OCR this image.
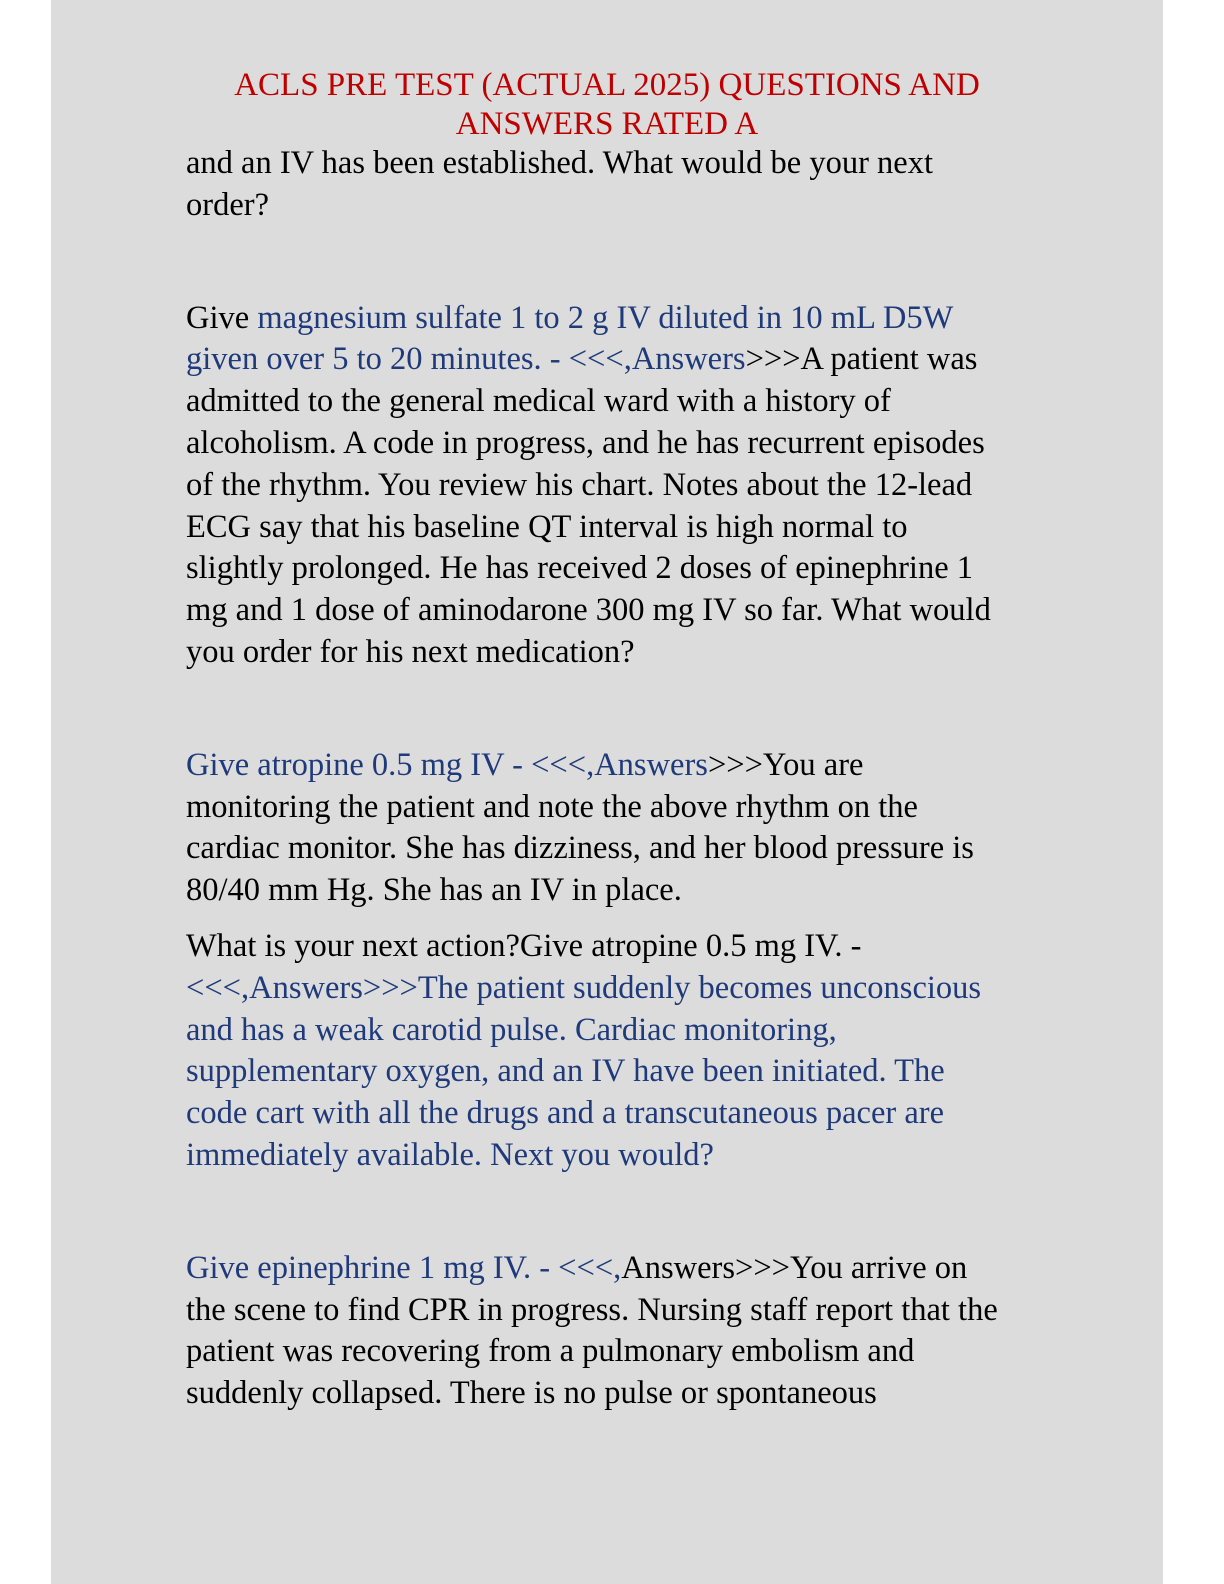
ACLS PRE TEST (ACTUAL 2025) QUESTIONS AND
ANSWERS RATED A
and an IV has been established. What would be your next
order?
Give magnesium sulfate 1 to 2 g IV diluted in 10 mL D5W
given over 5 to 20 minutes. - <<<,Answers>>>A patient was
admitted to the general medical ward with a history of
alcoholism. A code in progress, and he has recurrent episodes
of the rhythm. You review his chart. Notes about the 12-lead
ECG say that his baseline QT interval is high normal to
slightly prolonged. He has received 2 doses of epinephrine 1
mg and 1 dose of aminodarone 300 mg IV so far. What would
you order for his next medication?
Give atropine 0.5 mg IV - <<<,Answers>>>You are
monitoring the patient and note the above rhythm on the
cardiac monitor. She has dizziness, and her blood pressure is
80/40 mm Hg. She has an IV in place.
What is your next action?Give atropine 0.5 mg IV. -
<<<,Answers>>>The patient suddenly becomes unconscious
and has a weak carotid pulse. Cardiac monitoring,
supplementary oxygen, and an IV have been initiated. The
code cart with all the drugs and a transcutaneous pacer are
immediately available. Next you would?
Give epinephrine 1 mg IV. - <<<,Answers>>>You arrive on
the scene to find CPR in progress. Nursing staff report that the
patient was recovering from a pulmonary embolism and
suddenly collapsed. There is no pulse or spontaneous
